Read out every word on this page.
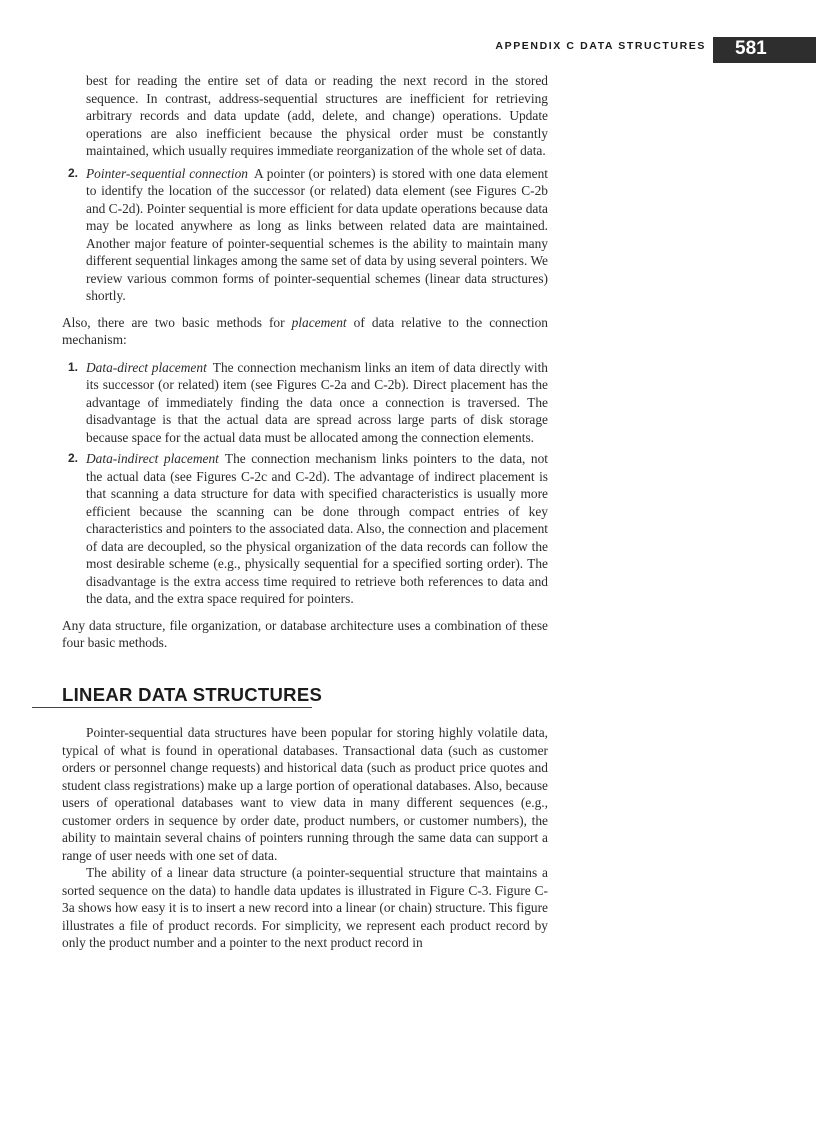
APPENDIX C DATA STRUCTURES 581

best for reading the entire set of data or reading the next record in the stored sequence. In contrast, address-sequential structures are inefficient for retrieving arbitrary records and data update (add, delete, and change) operations. Update operations are also inefficient because the physical order must be constantly maintained, which usually requires immediate reorganization of the whole set of data.

2. Pointer-sequential connection A pointer (or pointers) is stored with one data element to identify the location of the successor (or related) data element (see Figures C-2b and C-2d). Pointer sequential is more efficient for data update operations because data may be located anywhere as long as links between related data are maintained. Another major feature of pointer-sequential schemes is the ability to maintain many different sequential linkages among the same set of data by using several pointers. We review various common forms of pointer-sequential schemes (linear data structures) shortly.

Also, there are two basic methods for placement of data relative to the connection mechanism:

1. Data-direct placement The connection mechanism links an item of data directly with its successor (or related) item (see Figures C-2a and C-2b). Direct placement has the advantage of immediately finding the data once a connection is traversed. The disadvantage is that the actual data are spread across large parts of disk storage because space for the actual data must be allocated among the connection elements.
2. Data-indirect placement The connection mechanism links pointers to the data, not the actual data (see Figures C-2c and C-2d). The advantage of indirect placement is that scanning a data structure for data with specified characteristics is usually more efficient because the scanning can be done through compact entries of key characteristics and pointers to the associated data. Also, the connection and placement of data are decoupled, so the physical organization of the data records can follow the most desirable scheme (e.g., physically sequential for a specified sorting order). The disadvantage is the extra access time required to retrieve both references to data and the data, and the extra space required for pointers.

Any data structure, file organization, or database architecture uses a combination of these four basic methods.

LINEAR DATA STRUCTURES

Pointer-sequential data structures have been popular for storing highly volatile data, typical of what is found in operational databases. Transactional data (such as customer orders or personnel change requests) and historical data (such as product price quotes and student class registrations) make up a large portion of operational databases. Also, because users of operational databases want to view data in many different sequences (e.g., customer orders in sequence by order date, product numbers, or customer numbers), the ability to maintain several chains of pointers running through the same data can support a range of user needs with one set of data.

The ability of a linear data structure (a pointer-sequential structure that maintains a sorted sequence on the data) to handle data updates is illustrated in Figure C-3. Figure C-3a shows how easy it is to insert a new record into a linear (or chain) structure. This figure illustrates a file of product records. For simplicity, we represent each product record by only the product number and a pointer to the next product record in
